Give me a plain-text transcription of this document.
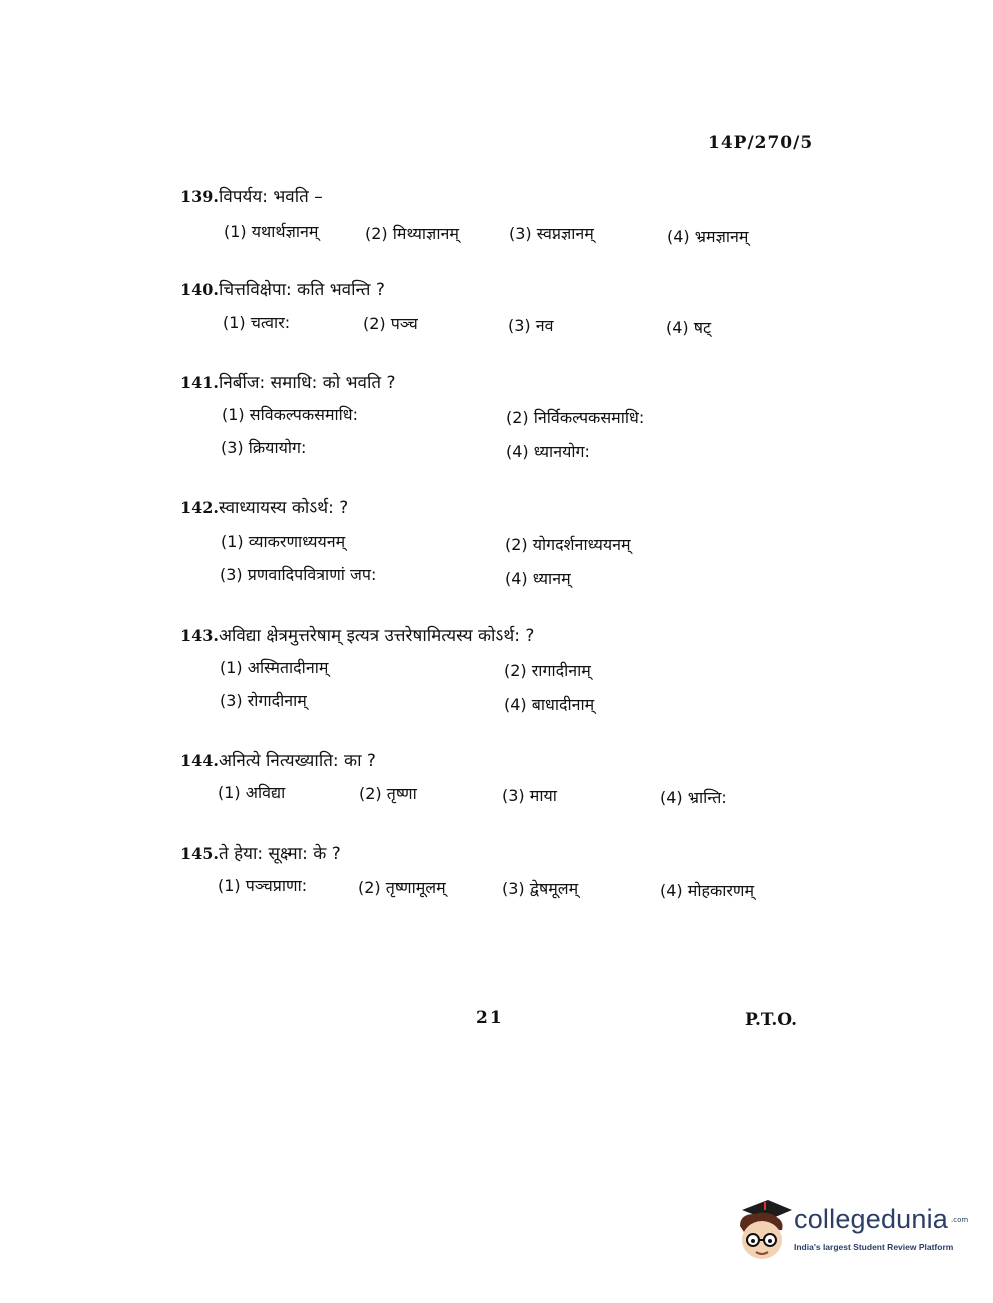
14P/270/5
139.विपर्यय: भवति –
(1) यथार्थज्ञानम्	(2) मिथ्याज्ञानम्	(3) स्वप्नज्ञानम्	(4) भ्रमज्ञानम्
140.चित्तविक्षेपा: कति भवन्ति ?
(1) चत्वार:	(2) पञ्च	(3) नव	(4) षट्
141.निर्बीज: समाधि: को भवति ?
(1) सविकल्पकसमाधि:	(2) निर्विकल्पकसमाधि:
(3) क्रियायोग:	(4) ध्यानयोग:
142.स्वाध्यायस्य कोऽर्थ: ?
(1) व्याकरणाध्ययनम्	(2) योगदर्शनाध्ययनम्
(3) प्रणवादिपवित्राणां जप:	(4) ध्यानम्
143.अविद्या क्षेत्रमुत्तरेषाम् इत्यत्र उत्तरेषामित्यस्य कोऽर्थ: ?
(1) अस्मितादीनाम्	(2) रागादीनाम्
(3) रोगादीनाम्	(4) बाधादीनाम्
144.अनित्ये नित्यख्याति: का ?
(1) अविद्या	(2) तृष्णा	(3) माया	(4) भ्रान्ति:
145.ते हेया: सूक्ष्मा: के ?
(1) पञ्चप्राणा:	(2) तृष्णामूलम्	(3) द्वेषमूलम्	(4) मोहकारणम्
21	P.T.O.
collegedunia .com
India's largest Student Review Platform
